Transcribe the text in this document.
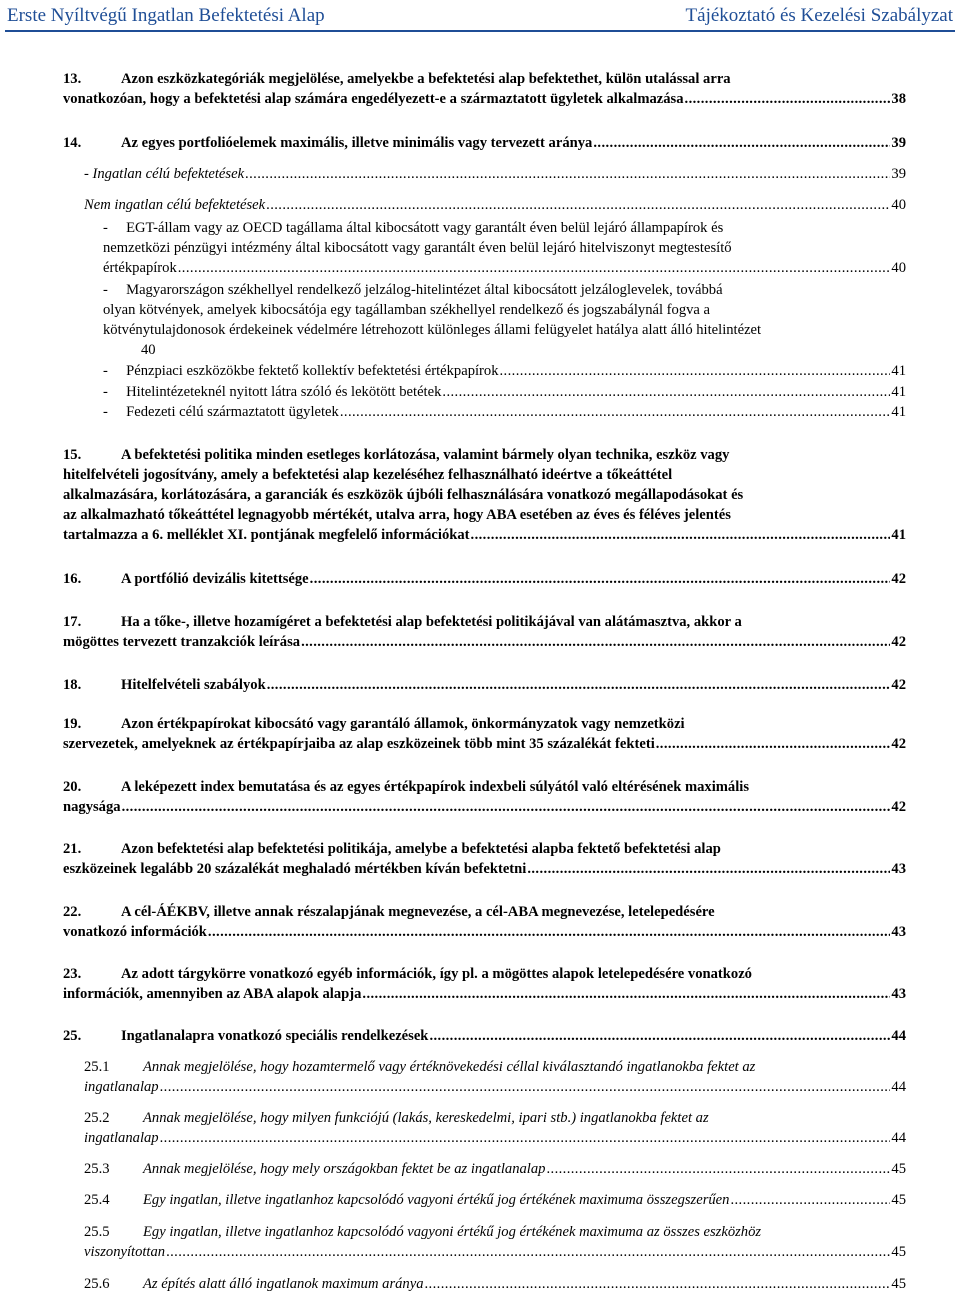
Erste Nyíltvégű Ingatlan Befektetési Alap	Tájékoztató és Kezelési Szabályzat
13.	Azon eszközkategóriák megjelölése, amelyekbe a befektetési alap befektethet, külön utalással arra
vonatkozóan, hogy a befektetési alap számára engedélyezett-e a származtatott ügyletek alkalmazása .....	38
14.	Az egyes portfolióelemek maximális, illetve minimális vagy tervezett aránya .....	39
- Ingatlan célú befektetések .....	39
Nem ingatlan célú befektetések .....	40
-     EGT-állam vagy az OECD tagállama által kibocsátott vagy garantált éven belül lejáró állampapírok és
nemzetközi pénzügyi intézmény által kibocsátott vagy garantált éven belül lejáró hitelviszonyt megtestesítő
értékpapírok .....	40
-     Magyarországon székhellyel rendelkező jelzálog-hitelintézet által kibocsátott jelzáloglevelek, továbbá
olyan kötvények, amelyek kibocsátója egy tagállamban székhellyel rendelkező és jogszabálynál fogva a
kötvénytulajdonosok érdekeinek védelmére létrehozott különleges állami felügyelet hatálya alatt álló hitelintézet
40
-     Pénzpiaci eszközökbe fektető kollektív befektetési értékpapírok .....	41
-     Hitelintézeteknél nyitott látra szóló és lekötött betétek .....	41
-     Fedezeti célú származtatott ügyletek .....	41
15.	A befektetési politika minden esetleges korlátozása, valamint bármely olyan technika, eszköz vagy
hitelfelvételi jogosítvány, amely a befektetési alap kezeléséhez felhasználható ideértve a tőkeáttétel
alkalmazására, korlátozására, a garanciák és eszközök újbóli felhasználására vonatkozó megállapodásokat és
az alkalmazható tőkeáttétel legnagyobb mértékét, utalva arra, hogy ABA esetében az éves és féléves jelentés
tartalmazza a 6. melléklet XI. pontjának megfelelő információkat .....	41
16.	A portfólió devizális kitettsége .....	42
17.	Ha a tőke-, illetve hozamígéret a befektetési alap befektetési politikájával van alátámasztva, akkor a
mögöttes tervezett tranzakciók leírása .....	42
18.	Hitelfelvételi szabályok .....	42
19.	Azon értékpapírokat kibocsátó vagy garantáló államok, önkormányzatok vagy nemzetközi
szervezetek, amelyeknek az értékpapírjaiba az alap eszközeinek több mint 35 százalékát fekteti .....	42
20.	A leképezett index bemutatása és az egyes értékpapírok indexbeli súlyától való eltérésének maximális
nagysága .....	42
21.	Azon befektetési alap befektetési politikája, amelybe a befektetési alapba fektető befektetési alap
eszközeinek legalább 20 százalékát meghaladó mértékben kíván befektetni .....	43
22.	A cél-ÁÉKBV, illetve annak részalapjának megnevezése, a cél-ABA megnevezése, letelepedésére
vonatkozó információk .....	43
23.	Az adott tárgykörre vonatkozó egyéb információk, így pl. a mögöttes alapok letelepedésére vonatkozó
információk, amennyiben az ABA alapok alapja .....	43
25.	Ingatlanalapra vonatkozó speciális rendelkezések .....	44
25.1 Annak megjelölése, hogy hozamtermelő vagy értéknövekedési céllal kiválasztandó ingatlanokba fektet az
ingatlanalap .....	44
25.2 Annak megjelölése, hogy milyen funkciójú (lakás, kereskedelmi, ipari stb.) ingatlanokba fektet az
ingatlanalap .....	44
25.3 Annak megjelölése, hogy mely országokban fektet be az ingatlanalap .....	45
25.4 Egy ingatlan, illetve ingatlanhoz kapcsolódó vagyoni értékű jog értékének maximuma összegszerűen .....	45
25.5 Egy ingatlan, illetve ingatlanhoz kapcsolódó vagyoni értékű jog értékének maximuma az összes eszközhöz
viszonyítottan .....	45
25.6 Az építés alatt álló ingatlanok maximum aránya .....	45
